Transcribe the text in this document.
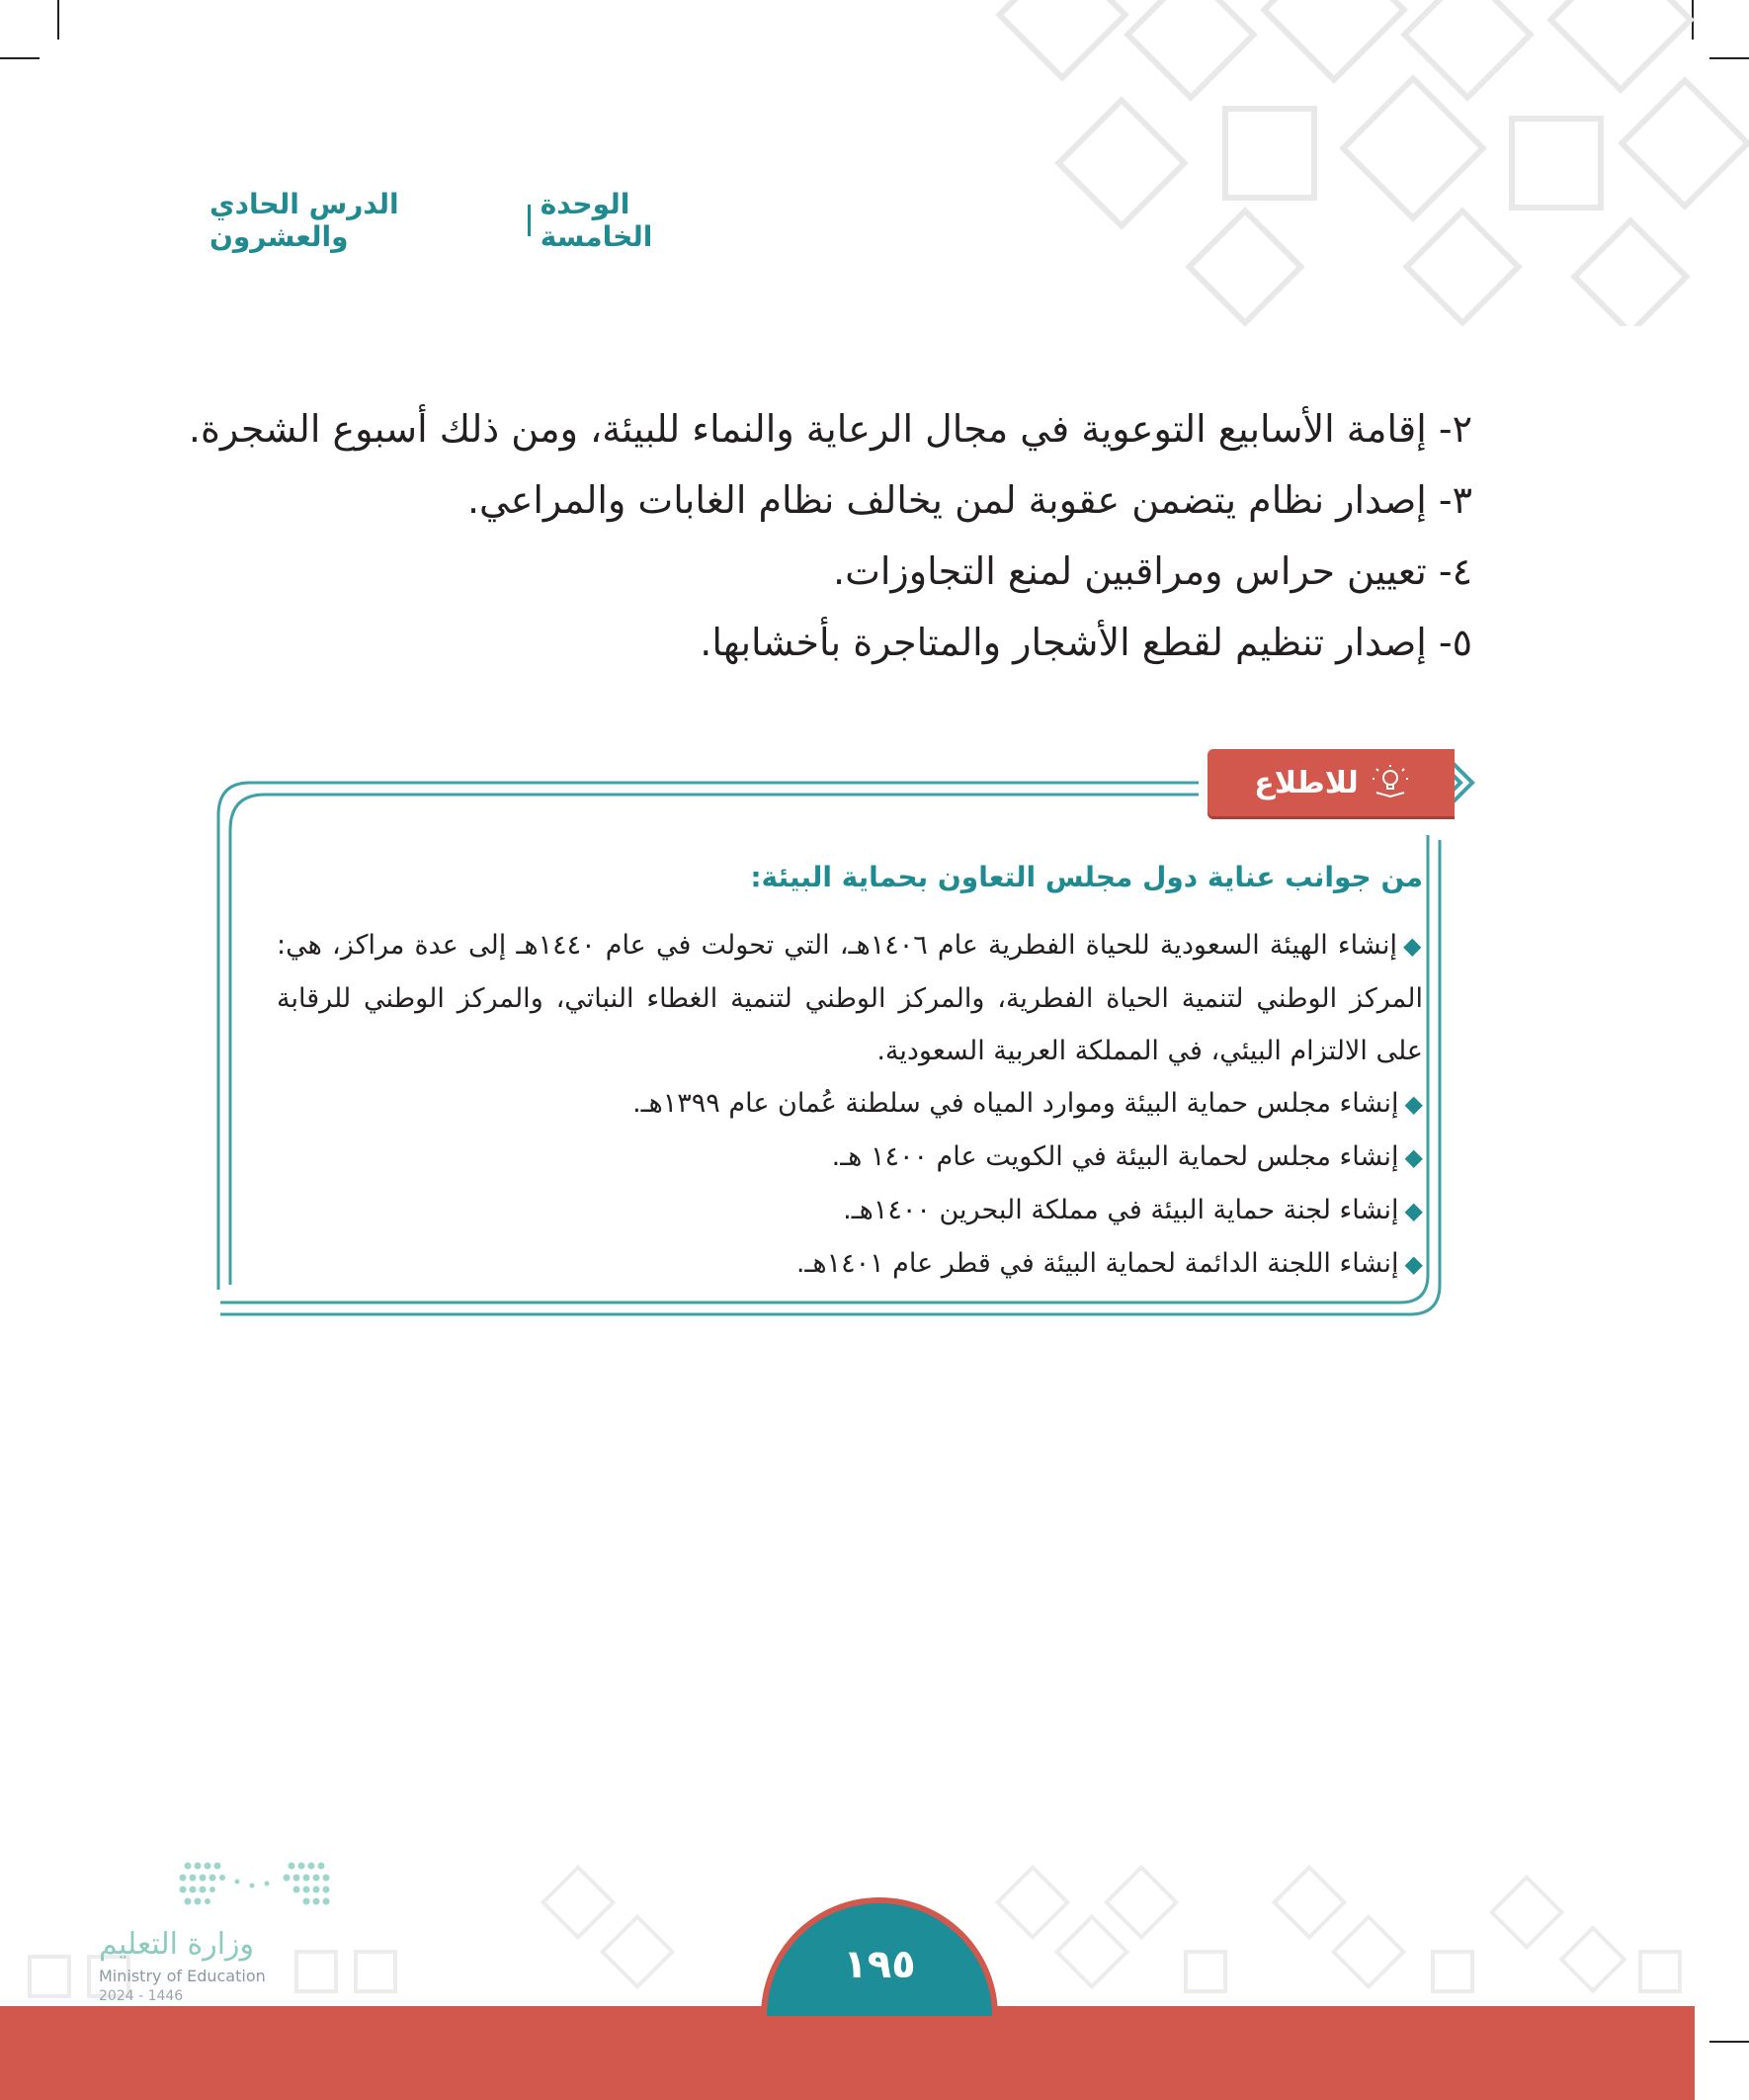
الوحدة الخامسة
الدرس الحادي والعشرون
٢- إقامة الأسابيع التوعوية في مجال الرعاية والنماء للبيئة، ومن ذلك أسبوع الشجرة.
٣- إصدار نظام يتضمن عقوبة لمن يخالف نظام الغابات والمراعي.
٤- تعيين حراس ومراقبين لمنع التجاوزات.
٥- إصدار تنظيم لقطع الأشجار والمتاجرة بأخشابها.
للاطلاع
من جوانب عناية دول مجلس التعاون بحماية البيئة:

◆إنشاء الهيئة السعودية للحياة الفطرية عام ١٤٠٦هـ، التي تحولت في عام ١٤٤٠هـ إلى عدة مراكز، هي: المركز الوطني لتنمية الحياة الفطرية، والمركز الوطني لتنمية الغطاء النباتي، والمركز الوطني للرقابة على الالتزام البيئي، في المملكة العربية السعودية.

◆إنشاء مجلس حماية البيئة وموارد المياه في سلطنة عُمان عام ١٣٩٩هـ.

◆إنشاء مجلس لحماية البيئة في الكويت عام ١٤٠٠ هـ.

◆إنشاء لجنة حماية البيئة في مملكة البحرين ١٤٠٠هـ.

◆إنشاء اللجنة الدائمة لحماية البيئة في قطر عام ١٤٠١هـ.

وزارة التعليم
Ministry of Education
2024 - 1446
١٩٥
